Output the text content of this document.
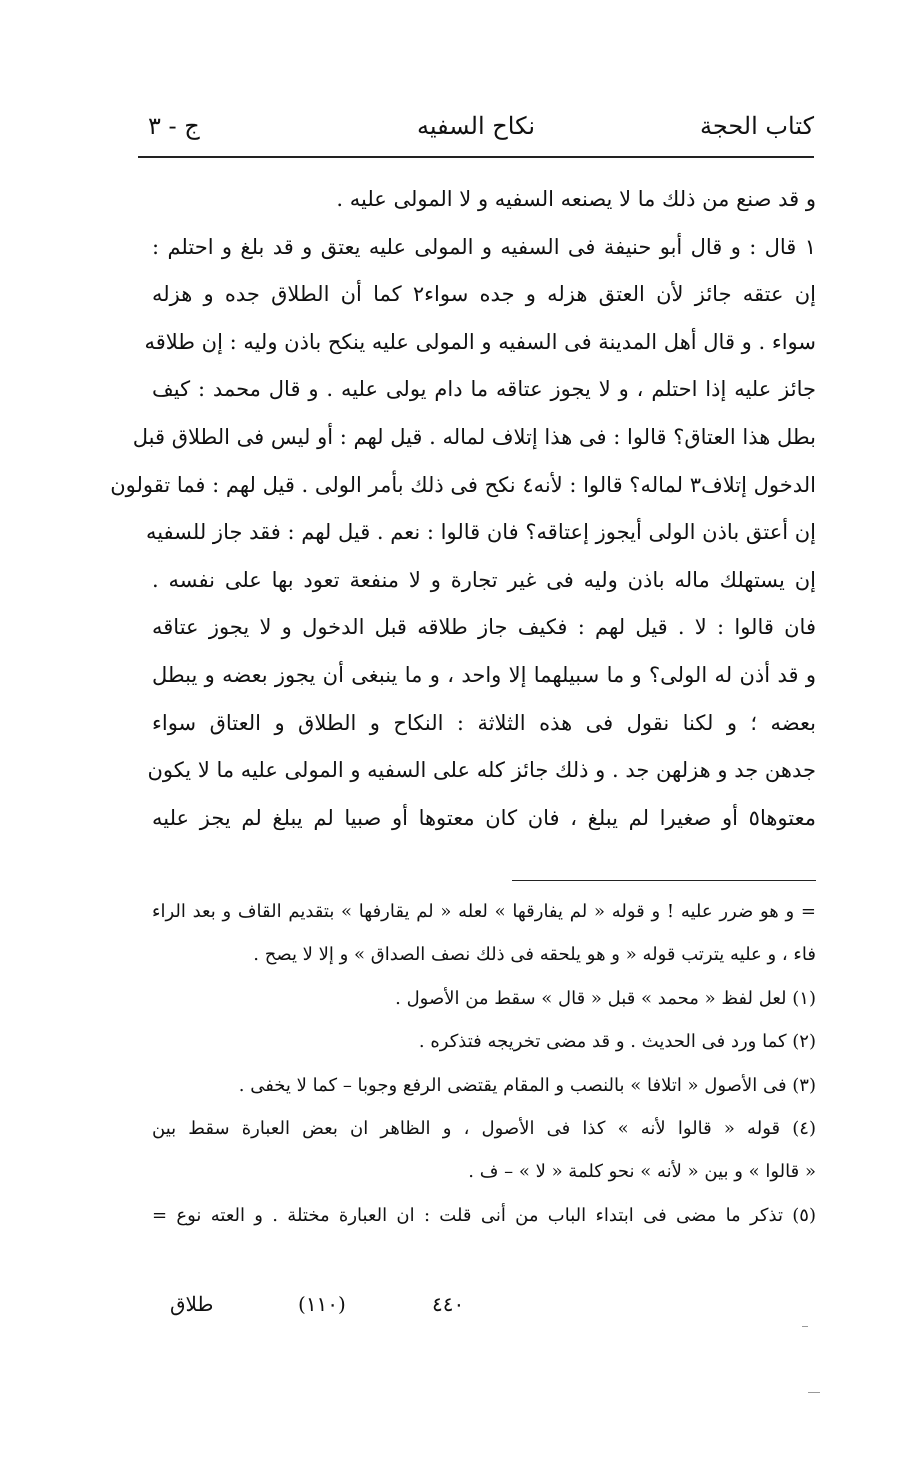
كتاب الحجة
نكاح السفيه
ج - ٣
و قد صنع من ذلك ما لا يصنعه السفيه و لا المولى عليه .
١ قال : و قال أبو حنيفة فى السفيه و المولى عليه يعتق و قد بلغ و احتلم :
إن عتقه جائز لأن العتق هزله و جده سواء٢ كما أن الطلاق جده و هزله
سواء . و قال أهل المدينة فى السفيه و المولى عليه ينكح باذن وليه : إن طلاقه
جائز عليه إذا احتلم ، و لا يجوز عتاقه ما دام يولى عليه . و قال محمد : كيف
بطل هذا العتاق؟ قالوا : فى هذا إتلاف لماله . قيل لهم : أو ليس فى الطلاق قبل
الدخول إتلاف٣ لماله؟ قالوا : لأنه٤ نكح فى ذلك بأمر الولى . قيل لهم : فما تقولون
إن أعتق باذن الولى أيجوز إعتاقه؟ فان قالوا : نعم . قيل لهم : فقد جاز للسفيه
إن يستهلك ماله باذن وليه فى غير تجارة و لا منفعة تعود بها على نفسه .
فان قالوا : لا . قيل لهم : فكيف جاز طلاقه قبل الدخول و لا يجوز عتاقه
و قد أذن له الولى؟ و ما سبيلهما إلا واحد ، و ما ينبغى أن يجوز بعضه و يبطل
بعضه ؛ و لكنا نقول فى هذه الثلاثة : النكاح و الطلاق و العتاق سواء
جدهن جد و هزلهن جد . و ذلك جائز كله على السفيه و المولى عليه ما لا يكون
معتوها٥ أو صغيرا لم يبلغ ، فان كان معتوها أو صبيا لم يبلغ لم يجز عليه
= و هو ضرر عليه ! و قوله « لم يفارقها » لعله « لم يقارفها » بتقديم القاف و بعد الراء
فاء ، و عليه يترتب قوله « و هو يلحقه فى ذلك نصف الصداق » و إلا لا يصح .
(١) لعل لفظ « محمد » قبل « قال » سقط من الأصول .
(٢) كما ورد فى الحديث . و قد مضى تخريجه فتذكره .
(٣) فى الأصول « اتلافا » بالنصب و المقام يقتضى الرفع وجوبا – كما لا يخفى .
(٤) قوله « قالوا لأنه » كذا فى الأصول ، و الظاهر ان بعض العبارة سقط بين
« قالوا » و بين « لأنه » نحو كلمة « لا » – ف .
(٥) تذكر ما مضى فى ابتداء الباب من أنى قلت : ان العبارة مختلة . و العته نوع =
طلاق	(١١٠)	٤٤٠
